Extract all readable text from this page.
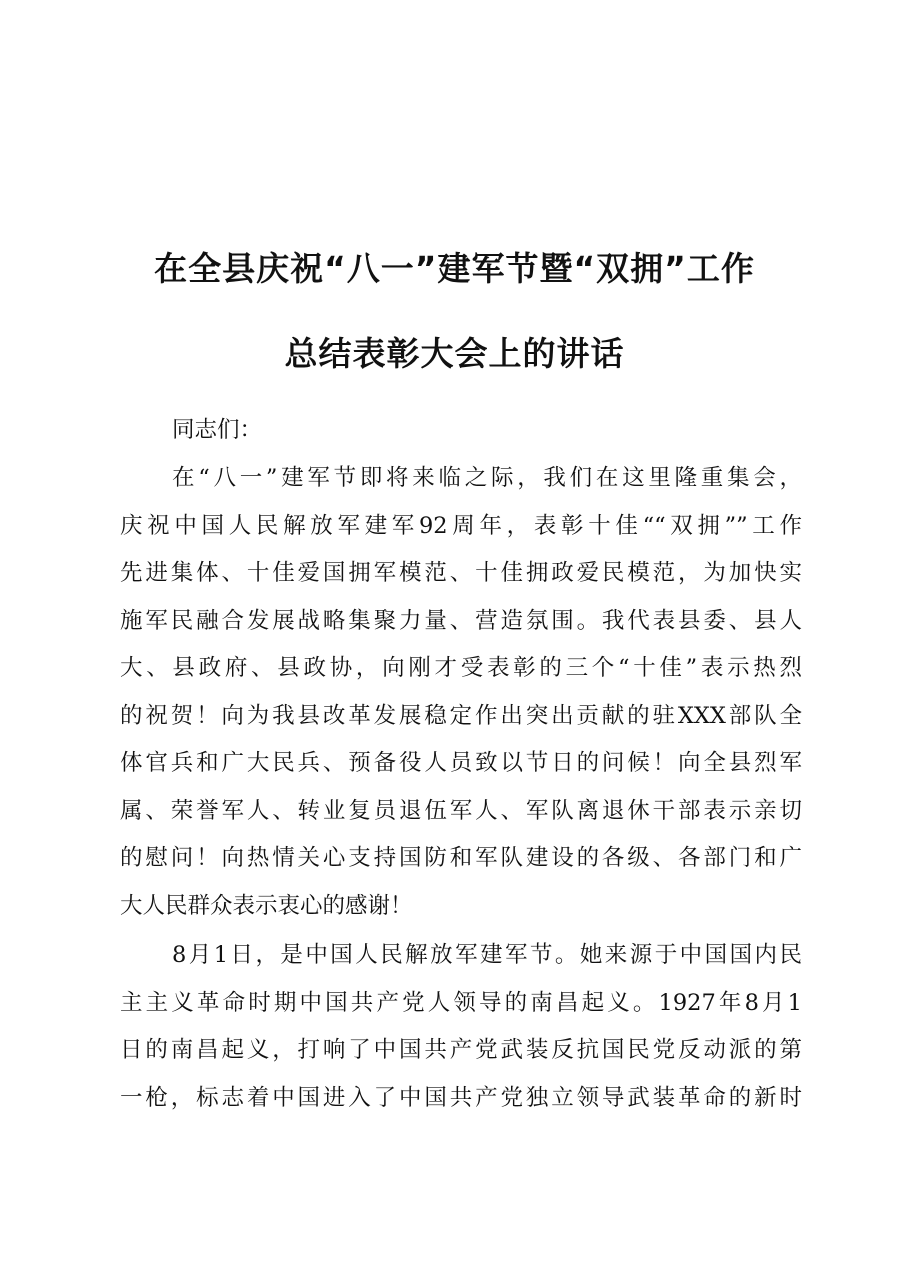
在全县庆祝“八一”建军节暨“双拥”工作
总结表彰大会上的讲话
同志们：
在“八一”建军节即将来临之际，我们在这里隆重集会，
庆祝中国人民解放军建军92周年，表彰十佳““双拥””工作
先进集体、十佳爱国拥军模范、十佳拥政爱民模范，为加快实
施军民融合发展战略集聚力量、营造氛围。我代表县委、县人
大、县政府、县政协，向刚才受表彰的三个“十佳”表示热烈
的祝贺！向为我县改革发展稳定作出突出贡献的驻XXX部队全
体官兵和广大民兵、预备役人员致以节日的问候！向全县烈军
属、荣誉军人、转业复员退伍军人、军队离退休干部表示亲切
的慰问！向热情关心支持国防和军队建设的各级、各部门和广
大人民群众表示衷心的感谢！
8月1日，是中国人民解放军建军节。她来源于中国国内民
主主义革命时期中国共产党人领导的南昌起义。1927年8月1
日的南昌起义，打响了中国共产党武装反抗国民党反动派的第
一枪，标志着中国进入了中国共产党独立领导武装革命的新时
